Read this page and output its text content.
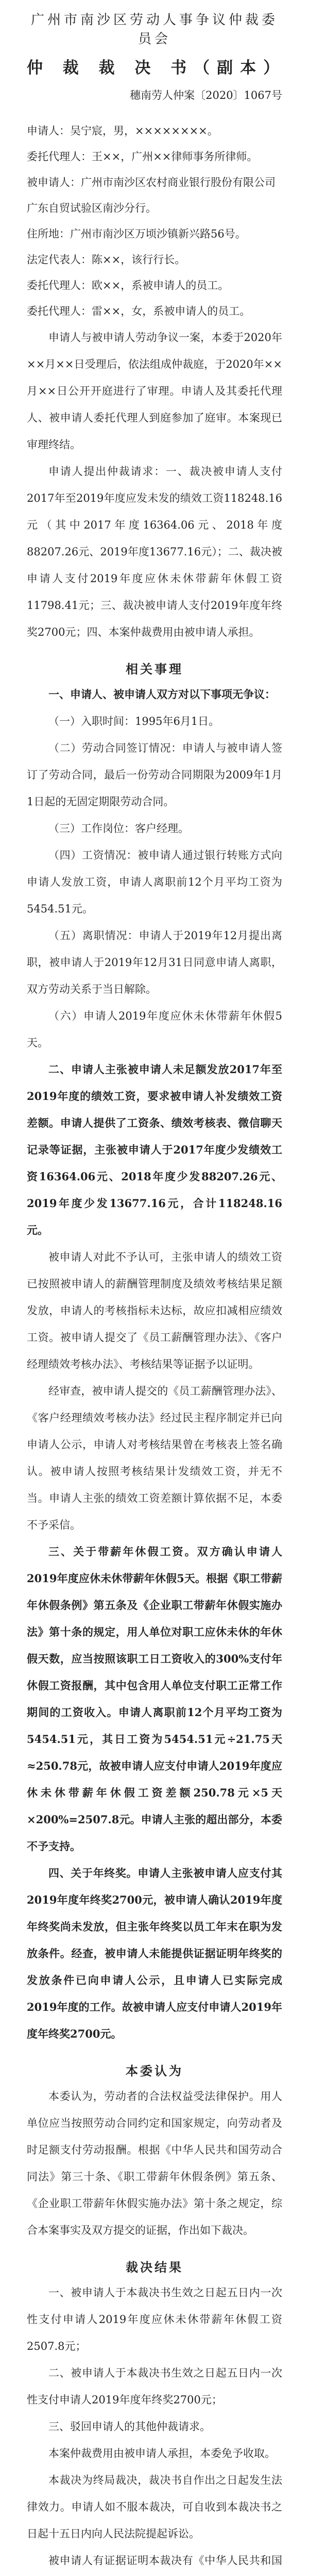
广州市南沙区劳动人事争议仲裁委员会
仲 裁 裁 决 书（副本）
穗南劳人仲案〔2020〕1067号

申请人：吴宁宸，男，××××××××。

委托代理人：王××，广州××律师事务所律师。

被申请人：广州市南沙区农村商业银行股份有限公司广东自贸试验区南沙分行。

住所地：广州市南沙区万顷沙镇新兴路56号。

法定代表人：陈××，该行行长。

委托代理人：欧××，系被申请人的员工。

委托代理人：雷××，女，系被申请人的员工。

申请人与被申请人劳动争议一案，本委于2020年××月××日受理后，依法组成仲裁庭，于2020年××月××日公开开庭进行了审理。申请人及其委托代理人、被申请人委托代理人到庭参加了庭审。本案现已审理终结。

申请人提出仲裁请求：一、裁决被申请人支付2017年至2019年度应发未发的绩效工资118248.16元（其中2017年度16364.06元、2018年度88207.26元、2019年度13677.16元）；二、裁决被申请人支付2019年度应休未休带薪年休假工资11798.41元；三、裁决被申请人支付2019年度年终奖2700元；四、本案仲裁费用由被申请人承担。

相关事理

一、申请人、被申请人双方对以下事项无争议：

（一）入职时间：1995年6月1日。

（二）劳动合同签订情况：申请人与被申请人签订了劳动合同，最后一份劳动合同期限为2009年1月1日起的无固定期限劳动合同。

（三）工作岗位：客户经理。

（四）工资情况：被申请人通过银行转账方式向申请人发放工资，申请人离职前12个月平均工资为5454.51元。

（五）离职情况：申请人于2019年12月提出离职，被申请人于2019年12月31日同意申请人离职，双方劳动关系于当日解除。

（六）申请人2019年度应休未休带薪年休假5天。

二、申请人主张被申请人未足额发放2017年至2019年度的绩效工资，要求被申请人补发绩效工资差额。申请人提供了工资条、绩效考核表、微信聊天记录等证据，主张被申请人于2017年度少发绩效工资16364.06元、2018年度少发88207.26元、2019年度少发13677.16元，合计118248.16元。

被申请人对此不予认可，主张申请人的绩效工资已按照被申请人的薪酬管理制度及绩效考核结果足额发放，申请人的考核指标未达标，故应扣减相应绩效工资。被申请人提交了《员工薪酬管理办法》、《客户经理绩效考核办法》、考核结果等证据予以证明。

经审查，被申请人提交的《员工薪酬管理办法》、《客户经理绩效考核办法》经过民主程序制定并已向申请人公示，申请人对考核结果曾在考核表上签名确认。被申请人按照考核结果计发绩效工资，并无不当。申请人主张的绩效工资差额计算依据不足，本委不予采信。

三、关于带薪年休假工资。双方确认申请人2019年度应休未休带薪年休假5天。根据《职工带薪年休假条例》第五条及《企业职工带薪年休假实施办法》第十条的规定，用人单位对职工应休未休的年休假天数，应当按照该职工日工资收入的300%支付年休假工资报酬，其中包含用人单位支付职工正常工作期间的工资收入。申请人离职前12个月平均工资为5454.51元，其日工资为5454.51元÷21.75天≈250.78元，故被申请人应支付申请人2019年度应休未休带薪年休假工资差额250.78元×5天×200%=2507.8元。申请人主张的超出部分，本委不予支持。

四、关于年终奖。申请人主张被申请人应支付其2019年度年终奖2700元，被申请人确认2019年度年终奖尚未发放，但主张年终奖以员工年末在职为发放条件。经查，被申请人未能提供证据证明年终奖的发放条件已向申请人公示，且申请人已实际完成2019年度的工作。故被申请人应支付申请人2019年度年终奖2700元。

本委认为

本委认为，劳动者的合法权益受法律保护。用人单位应当按照劳动合同约定和国家规定，向劳动者及时足额支付劳动报酬。根据《中华人民共和国劳动合同法》第三十条、《职工带薪年休假条例》第五条、《企业职工带薪年休假实施办法》第十条之规定，综合本案事实及双方提交的证据，作出如下裁决。

裁决结果

一、被申请人于本裁决书生效之日起五日内一次性支付申请人2019年度应休未休带薪年休假工资2507.8元；

二、被申请人于本裁决书生效之日起五日内一次性支付申请人2019年度年终奖2700元；

三、驳回申请人的其他仲裁请求。

本案仲裁费用由被申请人承担，本委免予收取。

本裁决为终局裁决，裁决书自作出之日起发生法律效力。申请人如不服本裁决，可自收到本裁决书之日起十五日内向人民法院提起诉讼。

被申请人有证据证明本裁决有《中华人民共和国
